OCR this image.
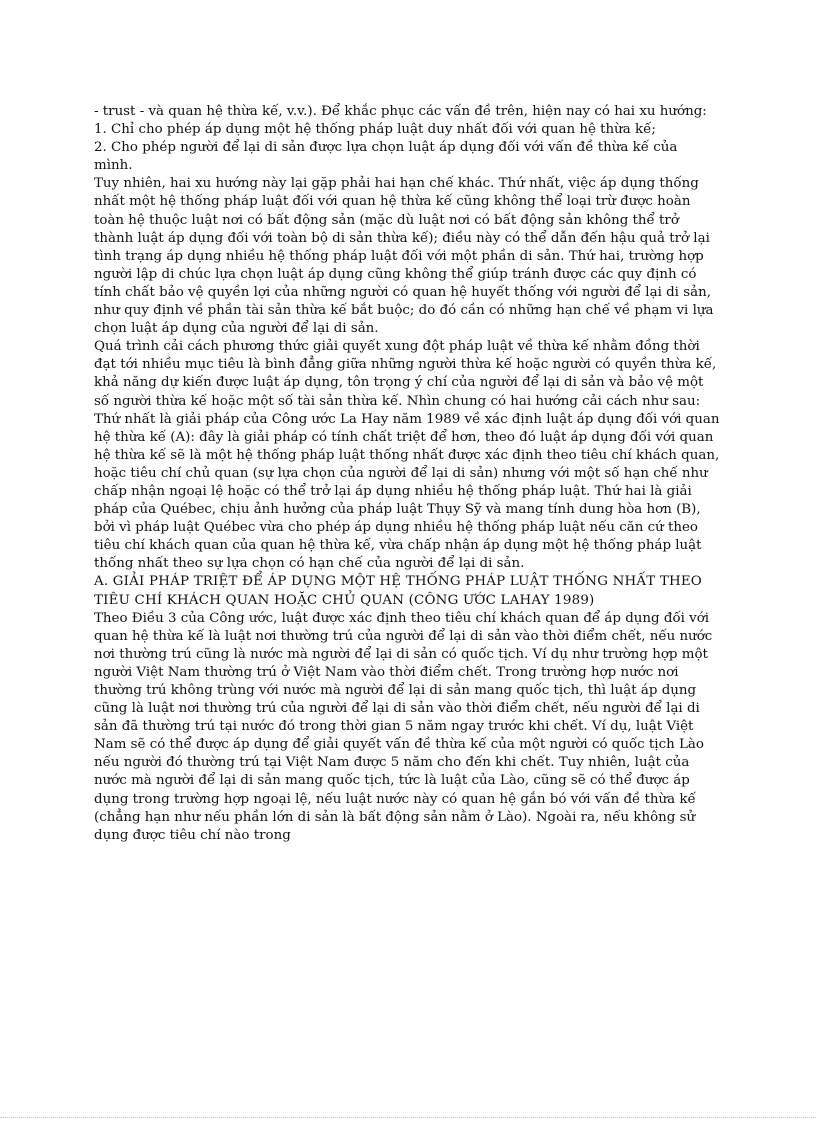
- trust - và quan hệ thừa kế, v.v.). Để khắc phục các vấn đề trên, hiện nay có hai xu hướng:

1. Chỉ cho phép áp dụng một hệ thống pháp luật duy nhất đối với quan hệ thừa kế;

2. Cho phép người để lại di sản được lựa chọn luật áp dụng đối với vấn đề thừa kế của mình.

Tuy nhiên, hai xu hướng này lại gặp phải hai hạn chế khác. Thứ nhất, việc áp dụng thống nhất một hệ thống pháp luật đối với quan hệ thừa kế cũng không thể loại trừ được hoàn toàn hệ thuộc luật nơi có bất động sản (mặc dù luật nơi có bất động sản không thể trở thành luật áp dụng đối với toàn bộ di sản thừa kế); điều này có thể dẫn đến hậu quả trở lại tình trạng áp dụng nhiều hệ thống pháp luật đối với một phần di sản. Thứ hai, trường hợp người lập di chúc lựa chọn luật áp dụng cũng không thể giúp tránh được các quy định có tính chất bảo vệ quyền lợi của những người có quan hệ huyết thống với người để lại di sản, như quy định về phần tài sản thừa kế bắt buộc; do đó cần có những hạn chế về phạm vi lựa chọn luật áp dụng của người để lại di sản.

Quá trình cải cách phương thức giải quyết xung đột pháp luật về thừa kế nhằm đồng thời đạt tới nhiều mục tiêu là bình đẳng giữa những người thừa kế hoặc người có quyền thừa kế, khả năng dự kiến được luật áp dụng, tôn trọng ý chí của người để lại di sản và bảo vệ một số người thừa kế hoặc một số tài sản thừa kế. Nhìn chung có hai hướng cải cách như sau: Thứ nhất là giải pháp của Công ước La Hay năm 1989 về xác định luật áp dụng đối với quan hệ thừa kế (A): đây là giải pháp có tính chất triệt để hơn, theo đó luật áp dụng đối với quan hệ thừa kế sẽ là một hệ thống pháp luật thống nhất được xác định theo tiêu chí khách quan, hoặc tiêu chí chủ quan (sự lựa chọn của người để lại di sản) nhưng với một số hạn chế như chấp nhận ngoại lệ hoặc có thể trở lại áp dụng nhiều hệ thống pháp luật. Thứ hai là giải pháp của Québec, chịu ảnh hưởng của pháp luật Thụy Sỹ và mang tính dung hòa hơn (B), bởi vì pháp luật Québec vừa cho phép áp dụng nhiều hệ thống pháp luật nếu căn cứ theo tiêu chí khách quan của quan hệ thừa kế, vừa chấp nhận áp dụng một hệ thống pháp luật thống nhất theo sự lựa chọn có hạn chế của người để lại di sản.

A. GIẢI PHÁP TRIỆT ĐỂ ÁP DỤNG MỘT HỆ THỐNG PHÁP LUẬT THỐNG NHẤT THEO TIÊU CHÍ KHÁCH QUAN HOẶC CHỦ QUAN (CÔNG ƯỚC LAHAY 1989)

Theo Điều 3 của Công ước, luật được xác định theo tiêu chí khách quan để áp dụng đối với quan hệ thừa kế là luật nơi thường trú của người để lại di sản vào thời điểm chết, nếu nước nơi thường trú cũng là nước mà người để lại di sản có quốc tịch. Ví dụ như trường hợp một người Việt Nam thường trú ở Việt Nam vào thời điểm chết. Trong trường hợp nước nơi thường trú không trùng với nước mà người để lại di sản mang quốc tịch, thì luật áp dụng cũng là luật nơi thường trú của người để lại di sản vào thời điểm chết, nếu người để lại di sản đã thường trú tại nước đó trong thời gian 5 năm ngay trước khi chết. Ví dụ, luật Việt Nam sẽ có thể được áp dụng để giải quyết vấn đề thừa kế của một người có quốc tịch Lào nếu người đó thường trú tại Việt Nam được 5 năm cho đến khi chết. Tuy nhiên, luật của nước mà người để lại di sản mang quốc tịch, tức là luật của Lào, cũng sẽ có thể được áp dụng trong trường hợp ngoại lệ, nếu luật nước này có quan hệ gắn bó với vấn đề thừa kế (chẳng hạn như nếu phần lớn di sản là bất động sản nằm ở Lào). Ngoài ra, nếu không sử dụng được tiêu chí nào trong
